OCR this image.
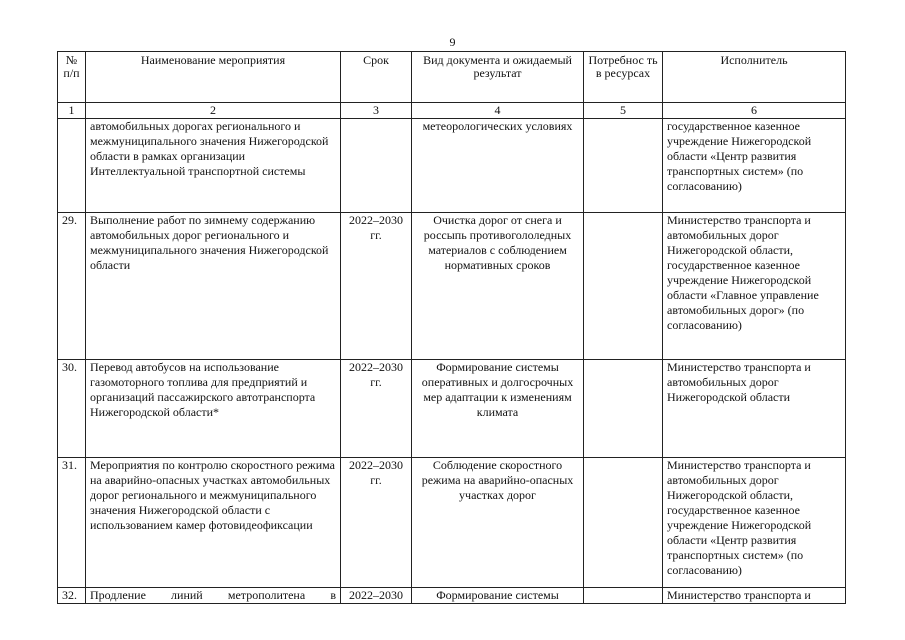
9
№ п/п	Наименование мероприятия	Срок	Вид документа и ожидаемый результат	Потребнос ть в ресурсах	Исполнитель
1	2	3	4	5	6
	автомобильных дорогах регионального и межмуниципального значения Нижегородской области в рамках организации Интеллектуальной транспортной системы		метеорологических условиях		государственное казенное учреждение Нижегородской области «Центр развития транспортных систем» (по согласованию)
29.	Выполнение работ по зимнему содержанию автомобильных дорог регионального и межмуниципального значения Нижегородской области	2022–2030 гг.	Очистка дорог от снега и россыпь противогололедных материалов с соблюдением нормативных сроков		Министерство транспорта и автомобильных дорог Нижегородской области, государственное казенное учреждение Нижегородской области «Главное управление автомобильных дорог» (по согласованию)
30.	Перевод автобусов на использование газомоторного топлива для предприятий и организаций пассажирского автотранспорта Нижегородской области*	2022–2030 гг.	Формирование системы оперативных и долгосрочных мер адаптации к изменениям климата		Министерство транспорта и автомобильных дорог Нижегородской области
31.	Мероприятия по контролю скоростного режима на аварийно-опасных участках автомобильных дорог регионального и межмуниципального значения Нижегородской области с использованием камер фотовидеофиксации	2022–2030 гг.	Соблюдение скоростного режима на аварийно-опасных участках дорог		Министерство транспорта и автомобильных дорог Нижегородской области, государственное казенное учреждение Нижегородской области «Центр развития транспортных систем» (по согласованию)
32.	Продление линий метрополитена в	2022–2030	Формирование системы		Министерство транспорта и
